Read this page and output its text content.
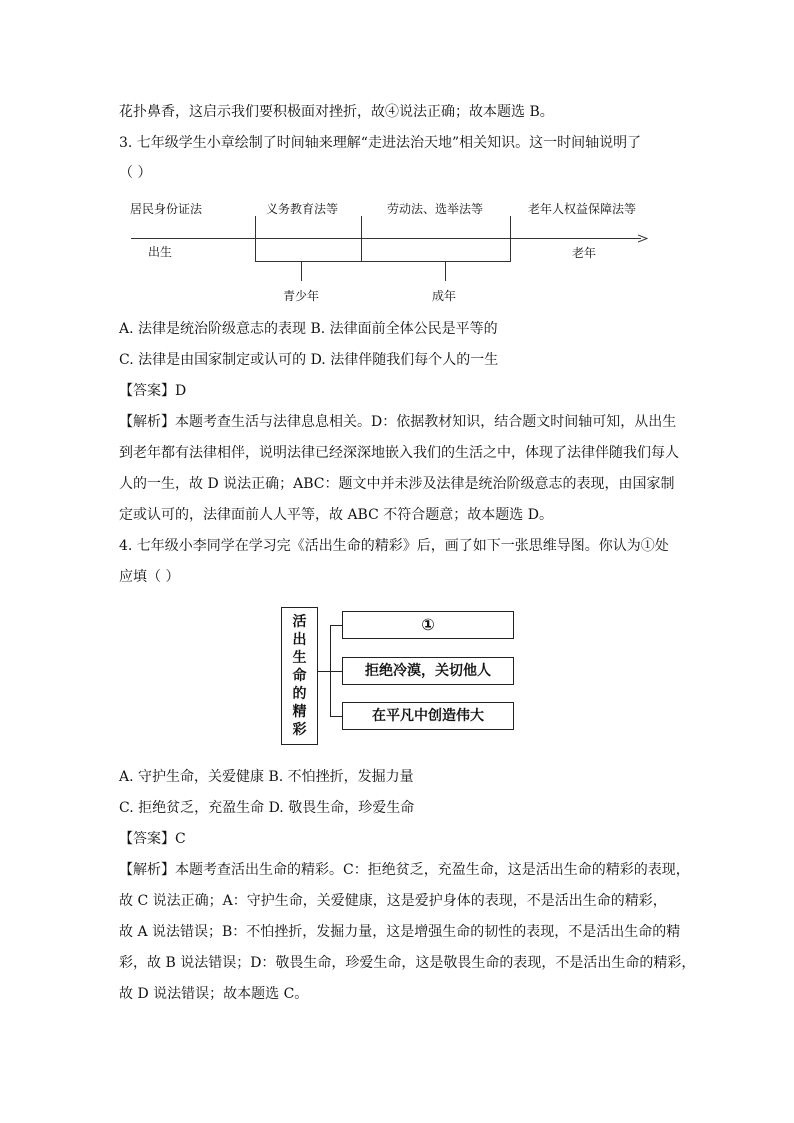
花扑鼻香，这启示我们要积极面对挫折，故④说法正确；故本题选 B。
3. 七年级学生小章绘制了时间轴来理解“走进法治天地”相关知识。这一时间轴说明了
（ ）
居民身份证法	义务教育法等	劳动法、选举法等	老年人权益保障法等
出生	老年
青少年	成年
A. 法律是统治阶级意志的表现 B. 法律面前全体公民是平等的
C. 法律是由国家制定或认可的 D. 法律伴随我们每个人的一生
【答案】D
【解析】本题考查生活与法律息息相关。D：依据教材知识，结合题文时间轴可知，从出生
到老年都有法律相伴，说明法律已经深深地嵌入我们的生活之中，体现了法律伴随我们每人
人的一生，故 D 说法正确；ABC：题文中并未涉及法律是统治阶级意志的表现，由国家制
定或认可的，法律面前人人平等，故 ABC 不符合题意；故本题选 D。
4. 七年级小李同学在学习完《活出生命的精彩》后，画了如下一张思维导图。你认为①处
应填（ ）
活
出
生
命
的
精
彩
①
拒绝冷漠，关切他人
在平凡中创造伟大
A. 守护生命，关爱健康 B. 不怕挫折，发掘力量
C. 拒绝贫乏，充盈生命 D. 敬畏生命，珍爱生命
【答案】C
【解析】本题考查活出生命的精彩。C：拒绝贫乏，充盈生命，这是活出生命的精彩的表现，
故 C 说法正确；A：守护生命，关爱健康，这是爱护身体的表现，不是活出生命的精彩，
故 A 说法错误；B：不怕挫折，发掘力量，这是增强生命的韧性的表现，不是活出生命的精
彩，故 B 说法错误；D：敬畏生命，珍爱生命，这是敬畏生命的表现，不是活出生命的精彩，
故 D 说法错误；故本题选 C。
